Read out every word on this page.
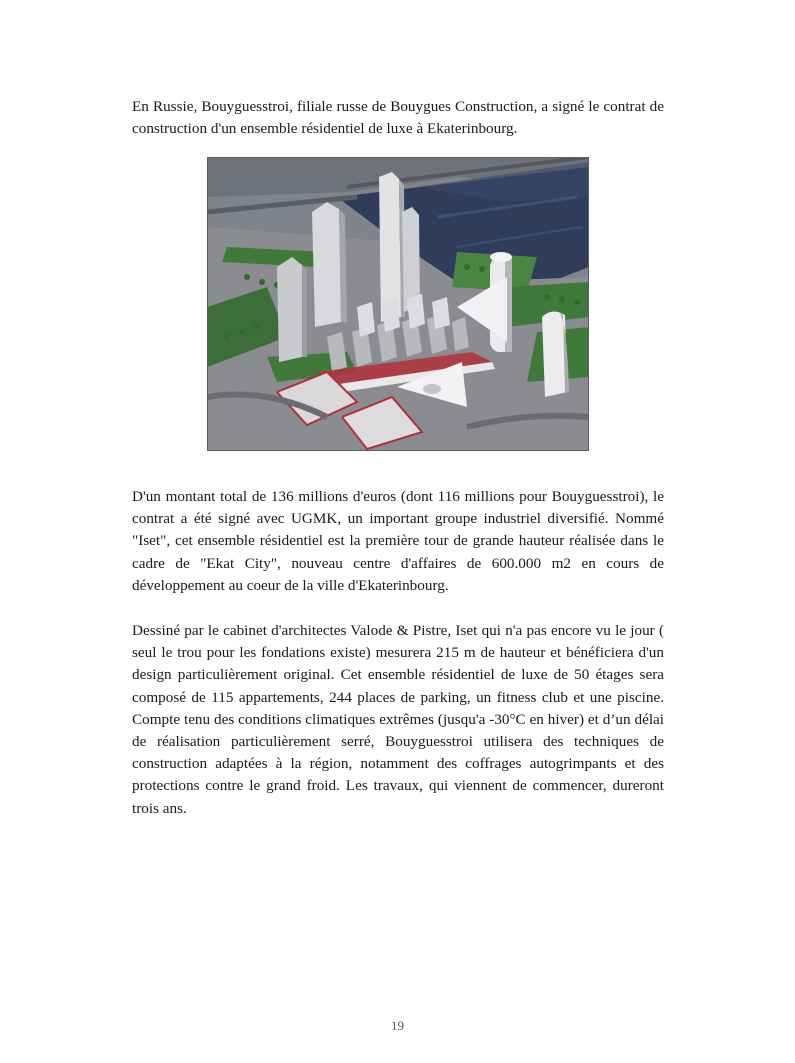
En Russie, Bouyguesstroi, filiale russe de Bouygues Construction, a signé le contrat de construction d'un ensemble résidentiel de luxe à Ekaterinbourg.

D'un montant total de 136 millions d'euros (dont 116 millions pour Bouyguesstroi), le contrat a été signé avec UGMK, un important groupe industriel diversifié. Nommé "Iset", cet ensemble résidentiel est la première tour de grande hauteur réalisée dans le cadre de "Ekat City", nouveau centre d'affaires de 600.000 m2 en cours de développement au coeur de la ville d'Ekaterinbourg.

Dessiné par le cabinet d'architectes Valode & Pistre, Iset qui n'a pas encore vu le jour ( seul le trou pour les fondations existe) mesurera 215 m de hauteur et bénéficiera d'un design particulièrement original. Cet ensemble résidentiel de luxe de 50 étages sera composé de 115 appartements, 244 places de parking, un fitness club et une piscine. Compte tenu des conditions climatiques extrêmes (jusqu'a -30°C en hiver) et d’un délai de réalisation particulièrement serré, Bouyguesstroi utilisera des techniques de construction adaptées à la région, notamment des coffrages autogrimpants et des protections contre le grand froid. Les travaux, qui viennent de commencer, dureront trois ans.

19
